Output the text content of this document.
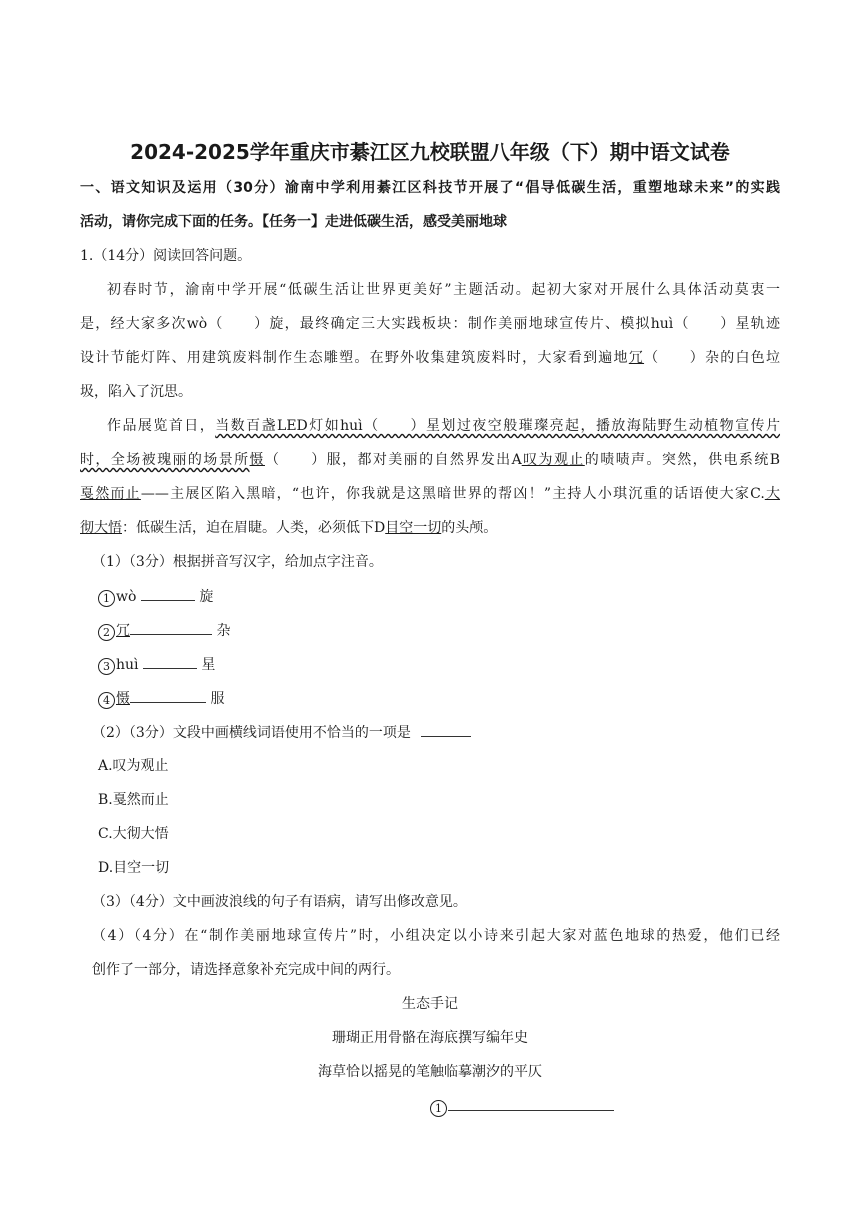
2024-2025学年重庆市綦江区九校联盟八年级（下）期中语文试卷
一、语文知识及运用（30分）渝南中学利用綦江区科技节开展了“倡导低碳生活，重塑地球未来”的实践
活动，请你完成下面的任务。【任务一】走进低碳生活，感受美丽地球
1.（14分）阅读回答问题。
初春时节，渝南中学开展“低碳生活让世界更美好”主题活动。起初大家对开展什么具体活动莫衷一
是，经大家多次wò（　　）旋，最终确定三大实践板块：制作美丽地球宣传片、模拟huì（　　）星轨迹
设计节能灯阵、用建筑废料制作生态雕塑。在野外收集建筑废料时，大家看到遍地冗（　　）杂的白色垃
圾，陷入了沉思。
作品展览首日，当数百盏LED灯如huì（　　）星划过夜空般璀璨亮起，播放海陆野生动植物宣传片
时，全场被瑰丽的场景所慑（　　）服，都对美丽的自然界发出A叹为观止的啧啧声。突然，供电系统B
戛然而止——主展区陷入黑暗，“也许，你我就是这黑暗世界的帮凶！”主持人小琪沉重的话语使大家C.大
彻大悟：低碳生活，迫在眉睫。人类，必须低下D目空一切的头颅。
（1）（3分）根据拼音写汉字，给加点字注音。
1 wò	旋
2 冗	杂
3 huì	星
4 慑	服
（2）（3分）文段中画横线词语使用不恰当的一项是
A.叹为观止
B.戛然而止
C.大彻大悟
D.目空一切
（3）（4分）文中画波浪线的句子有语病，请写出修改意见。
（4）（4分）在“制作美丽地球宣传片”时，小组决定以小诗来引起大家对蓝色地球的热爱，他们已经
创作了一部分，请选择意象补充完成中间的两行。
生态手记
珊瑚正用骨骼在海底撰写编年史
海草恰以摇晃的笔触临摹潮汐的平仄
1
